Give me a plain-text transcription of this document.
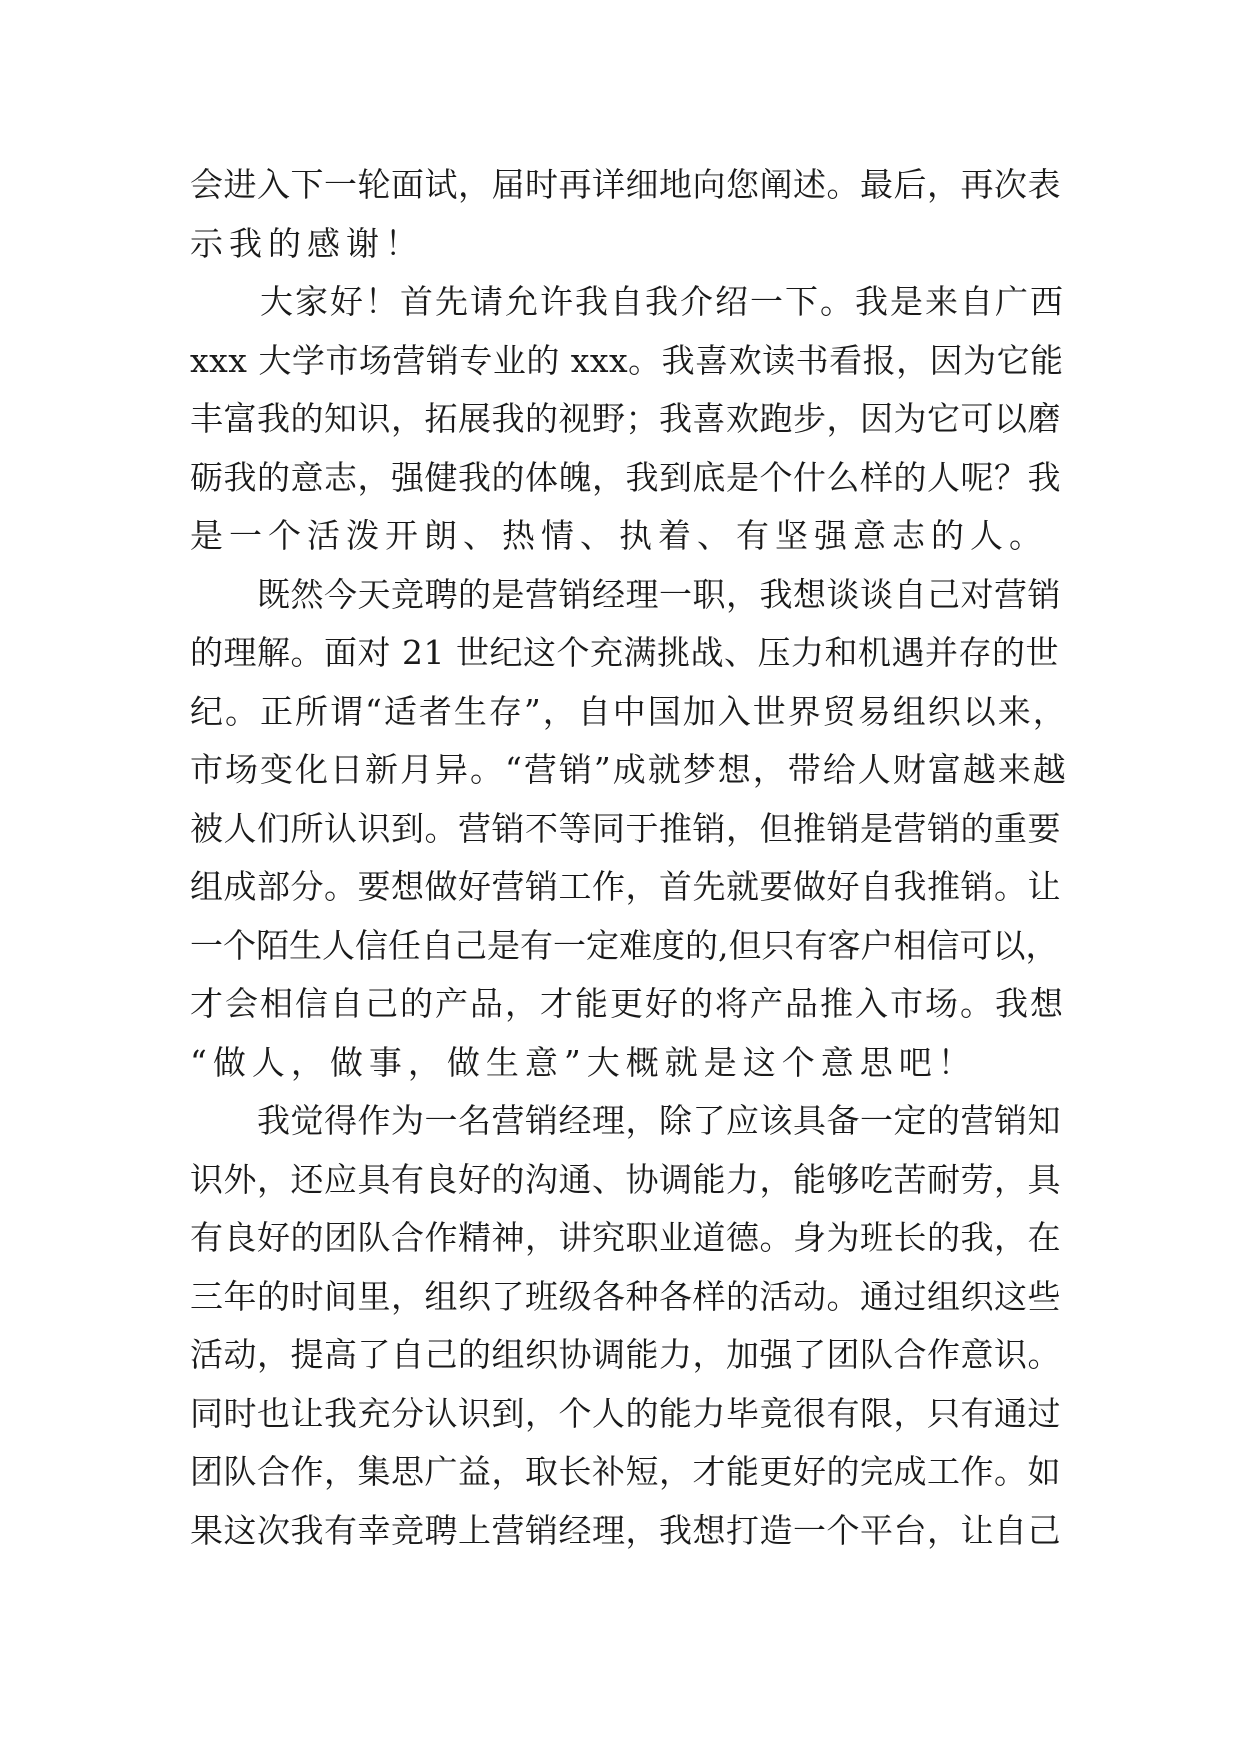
会进入下一轮面试，届时再详细地向您阐述。最后，再次表
示我的感谢！
　　大家好！首先请允许我自我介绍一下。我是来自广西
xxx 大学市场营销专业的 xxx。我喜欢读书看报，因为它能
丰富我的知识，拓展我的视野；我喜欢跑步，因为它可以磨
砺我的意志，强健我的体魄，我到底是个什么样的人呢？我
是一个活泼开朗、热情、执着、有坚强意志的人。
　　既然今天竞聘的是营销经理一职，我想谈谈自己对营销
的理解。面对 21 世纪这个充满挑战、压力和机遇并存的世
纪。正所谓“适者生存”，自中国加入世界贸易组织以来，
市场变化日新月异。“营销”成就梦想，带给人财富越来越
被人们所认识到。营销不等同于推销，但推销是营销的重要
组成部分。要想做好营销工作，首先就要做好自我推销。让
一个陌生人信任自己是有一定难度的,但只有客户相信可以，
才会相信自己的产品，才能更好的将产品推入市场。我想
“做人，做事，做生意”大概就是这个意思吧！
　　我觉得作为一名营销经理，除了应该具备一定的营销知
识外，还应具有良好的沟通、协调能力，能够吃苦耐劳，具
有良好的团队合作精神，讲究职业道德。身为班长的我，在
三年的时间里，组织了班级各种各样的活动。通过组织这些
活动，提高了自己的组织协调能力，加强了团队合作意识。
同时也让我充分认识到，个人的能力毕竟很有限，只有通过
团队合作，集思广益，取长补短，才能更好的完成工作。如
果这次我有幸竞聘上营销经理，我想打造一个平台，让自己
